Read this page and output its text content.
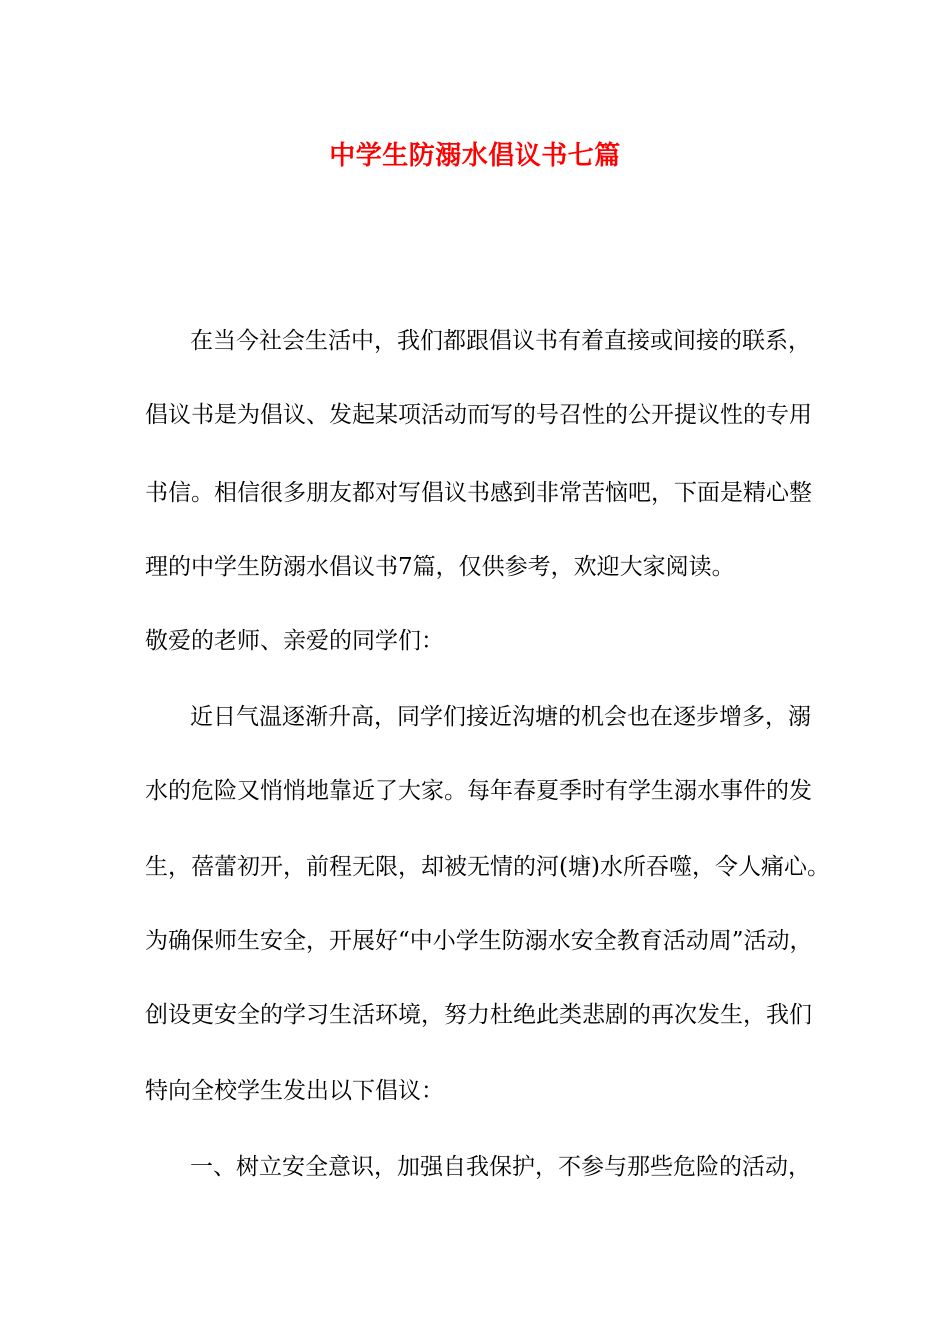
中学生防溺水倡议书七篇
在当今社会生活中，我们都跟倡议书有着直接或间接的联系，
倡议书是为倡议、发起某项活动而写的号召性的公开提议性的专用
书信。相信很多朋友都对写倡议书感到非常苦恼吧，下面是精心整
理的中学生防溺水倡议书7篇，仅供参考，欢迎大家阅读。
敬爱的老师、亲爱的同学们：
近日气温逐渐升高，同学们接近沟塘的机会也在逐步增多，溺
水的危险又悄悄地靠近了大家。每年春夏季时有学生溺水事件的发
生，蓓蕾初开，前程无限，却被无情的河(塘)水所吞噬，令人痛心。
为确保师生安全，开展好“中小学生防溺水安全教育活动周”活动，
创设更安全的学习生活环境，努力杜绝此类悲剧的再次发生，我们
特向全校学生发出以下倡议：
一、树立安全意识，加强自我保护，不参与那些危险的活动，
